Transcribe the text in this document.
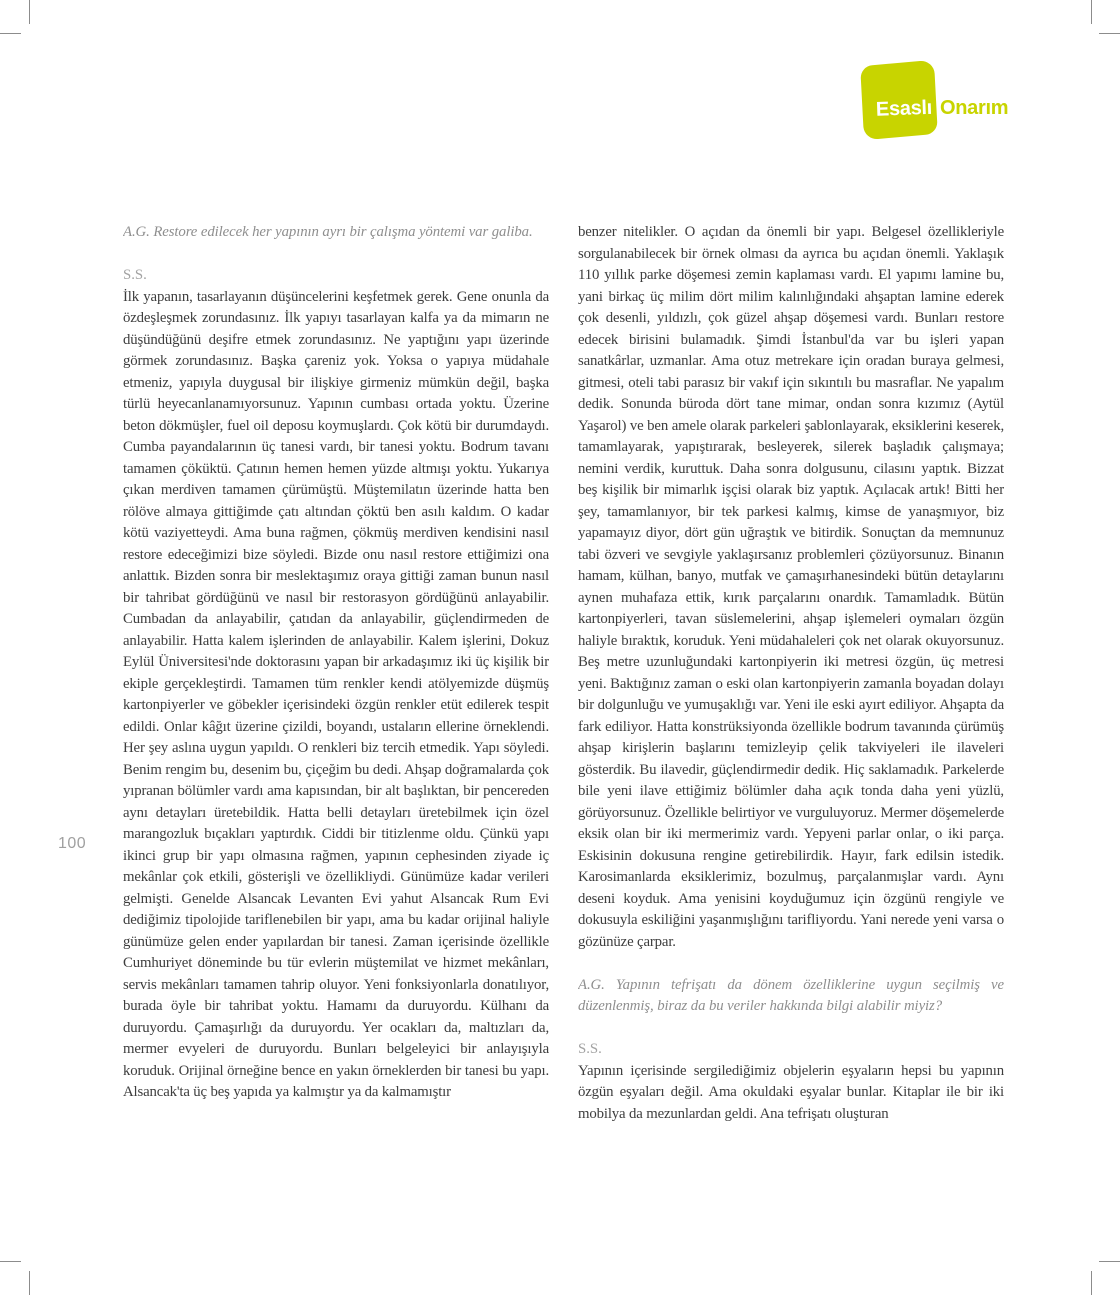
Esaslı Onarım
100

A.G. Restore edilecek her yapının ayrı bir çalışma yöntemi var galiba.

S.S.

İlk yapanın, tasarlayanın düşüncelerini keşfetmek gerek. Gene onunla da özdeşleşmek zorundasınız. İlk yapıyı tasarlayan kalfa ya da mimarın ne düşündüğünü deşifre etmek zorundasınız. Ne yaptığını yapı üzerinde görmek zorundasınız. Başka çareniz yok. Yoksa o yapıya müdahale etmeniz, yapıyla duygusal bir ilişkiye girmeniz mümkün değil, başka türlü heyecanlanamıyorsunuz. Yapının cumbası ortada yoktu. Üzerine beton dökmüşler, fuel oil deposu koymuşlardı. Çok kötü bir durumdaydı. Cumba payandalarının üç tanesi vardı, bir tanesi yoktu. Bodrum tavanı tamamen çöküktü. Çatının hemen hemen yüzde altmışı yoktu. Yukarıya çıkan merdiven tamamen çürümüştü. Müştemilatın üzerinde hatta ben rölöve almaya gittiğimde çatı altından çöktü ben asılı kaldım. O kadar kötü vaziyetteydi. Ama buna rağmen, çökmüş merdiven kendisini nasıl restore edeceğimizi bize söyledi. Bizde onu nasıl restore ettiğimizi ona anlattık. Bizden sonra bir meslektaşımız oraya gittiği zaman bunun nasıl bir tahribat gördüğünü ve nasıl bir restorasyon gördüğünü anlayabilir. Cumbadan da anlayabilir, çatıdan da anlayabilir, güçlendirmeden de anlayabilir. Hatta kalem işlerinden de anlayabilir. Kalem işlerini, Dokuz Eylül Üniversitesi'nde doktorasını yapan bir arkadaşımız iki üç kişilik bir ekiple gerçekleştirdi. Tamamen tüm renkler kendi atölyemizde düşmüş kartonpiyerler ve göbekler içerisindeki özgün renkler etüt edilerek tespit edildi. Onlar kâğıt üzerine çizildi, boyandı, ustaların ellerine örneklendi. Her şey aslına uygun yapıldı. O renkleri biz tercih etmedik. Yapı söyledi. Benim rengim bu, desenim bu, çiçeğim bu dedi. Ahşap doğramalarda çok yıpranan bölümler vardı ama kapısından, bir alt başlıktan, bir pencereden aynı detayları üretebildik. Hatta belli detayları üretebilmek için özel marangozluk bıçakları yaptırdık. Ciddi bir titizlenme oldu. Çünkü yapı ikinci grup bir yapı olmasına rağmen, yapının cephesinden ziyade iç mekânlar çok etkili, gösterişli ve özellikliydi. Günümüze kadar verileri gelmişti. Genelde Alsancak Levanten Evi yahut Alsancak Rum Evi dediğimiz tipolojide tariflenebilen bir yapı, ama bu kadar orijinal haliyle günümüze gelen ender yapılardan bir tanesi. Zaman içerisinde özellikle Cumhuriyet döneminde bu tür evlerin müştemilat ve hizmet mekânları, servis mekânları tamamen tahrip oluyor. Yeni fonksiyonlarla donatılıyor, burada öyle bir tahribat yoktu. Hamamı da duruyordu. Külhanı da duruyordu. Çamaşırlığı da duruyordu. Yer ocakları da, maltızları da, mermer evyeleri de duruyordu. Bunları belgeleyici bir anlayışıyla koruduk. Orijinal örneğine bence en yakın örneklerden bir tanesi bu yapı. Alsancak'ta üç beş yapıda ya kalmıştır ya da kalmamıştır

benzer nitelikler. O açıdan da önemli bir yapı. Belgesel özellikleriyle sorgulanabilecek bir örnek olması da ayrıca bu açıdan önemli. Yaklaşık 110 yıllık parke döşemesi zemin kaplaması vardı. El yapımı lamine bu, yani birkaç üç milim dört milim kalınlığındaki ahşaptan lamine ederek çok desenli, yıldızlı, çok güzel ahşap döşemesi vardı. Bunları restore edecek birisini bulamadık. Şimdi İstanbul'da var bu işleri yapan sanatkârlar, uzmanlar. Ama otuz metrekare için oradan buraya gelmesi, gitmesi, oteli tabi parasız bir vakıf için sıkıntılı bu masraflar. Ne yapalım dedik. Sonunda büroda dört tane mimar, ondan sonra kızımız (Aytül Yaşarol) ve ben amele olarak parkeleri şablonlayarak, eksiklerini keserek, tamamlayarak, yapıştırarak, besleyerek, silerek başladık çalışmaya; nemini verdik, kuruttuk. Daha sonra dolgusunu, cilasını yaptık. Bizzat beş kişilik bir mimarlık işçisi olarak biz yaptık. Açılacak artık! Bitti her şey, tamamlanıyor, bir tek parkesi kalmış, kimse de yanaşmıyor, biz yapamayız diyor, dört gün uğraştık ve bitirdik. Sonuçtan da memnunuz tabi özveri ve sevgiyle yaklaşırsanız problemleri çözüyorsunuz. Binanın hamam, külhan, banyo, mutfak ve çamaşırhanesindeki bütün detaylarını aynen muhafaza ettik, kırık parçalarını onardık. Tamamladık. Bütün kartonpiyerleri, tavan süslemelerini, ahşap işlemeleri oymaları özgün haliyle bıraktık, koruduk. Yeni müdahaleleri çok net olarak okuyorsunuz. Beş metre uzunluğundaki kartonpiyerin iki metresi özgün, üç metresi yeni. Baktığınız zaman o eski olan kartonpiyerin zamanla boyadan dolayı bir dolgunluğu ve yumuşaklığı var. Yeni ile eski ayırt ediliyor. Ahşapta da fark ediliyor. Hatta konstrüksiyonda özellikle bodrum tavanında çürümüş ahşap kirişlerin başlarını temizleyip çelik takviyeleri ile ilaveleri gösterdik. Bu ilavedir, güçlendirmedir dedik. Hiç saklamadık. Parkelerde bile yeni ilave ettiğimiz bölümler daha açık tonda daha yeni yüzlü, görüyorsunuz. Özellikle belirtiyor ve vurguluyoruz. Mermer döşemelerde eksik olan bir iki mermerimiz vardı. Yepyeni parlar onlar, o iki parça. Eskisinin dokusuna rengine getirebilirdik. Hayır, fark edilsin istedik. Karosimanlarda eksiklerimiz, bozulmuş, parçalanmışlar vardı. Aynı deseni koyduk. Ama yenisini koyduğumuz için özgünü rengiyle ve dokusuyla eskiliğini yaşanmışlığını tarifliyordu. Yani nerede yeni varsa o gözünüze çarpar.

A.G. Yapının tefrişatı da dönem özelliklerine uygun seçilmiş ve düzenlenmiş, biraz da bu veriler hakkında bilgi alabilir miyiz?

S.S.

Yapının içerisinde sergilediğimiz objelerin eşyaların hepsi bu yapının özgün eşyaları değil. Ama okuldaki eşyalar bunlar. Kitaplar ile bir iki mobilya da mezunlardan geldi. Ana tefrişatı oluşturan
